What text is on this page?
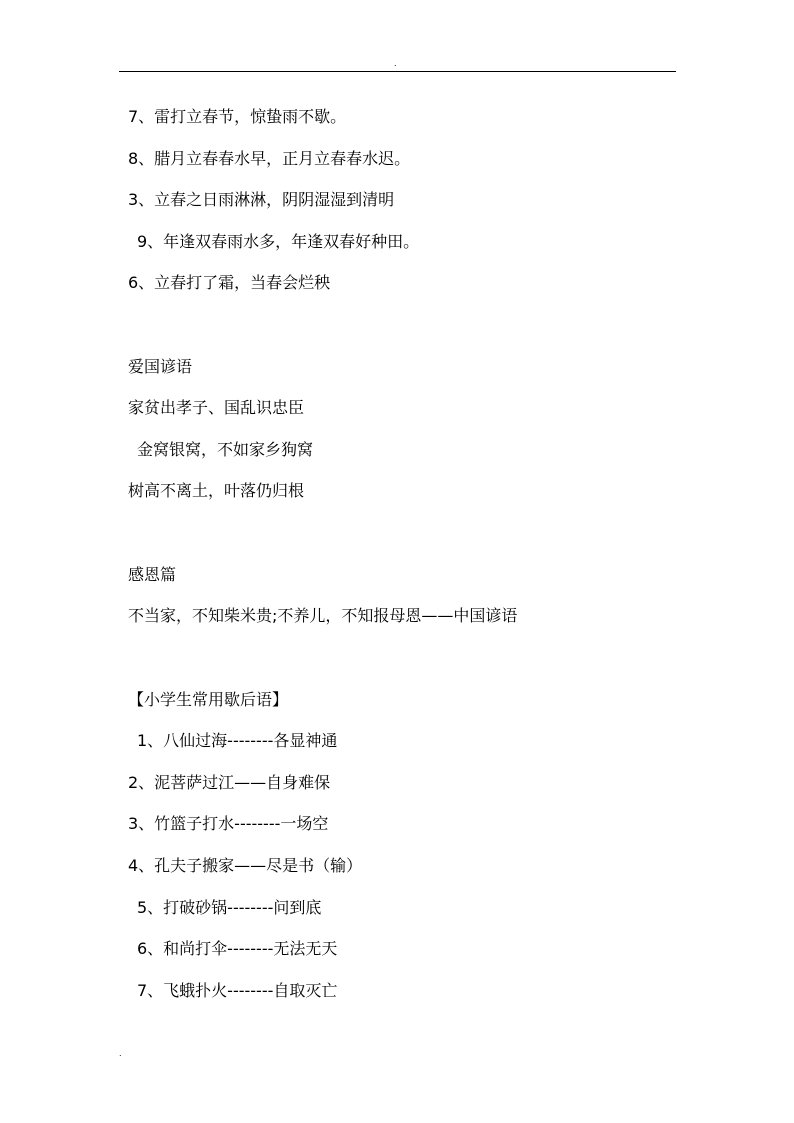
.
7、雷打立春节，惊蛰雨不歇。
8、腊月立春春水早，正月立春春水迟。
3、立春之日雨淋淋，阴阴湿湿到清明
9、年逢双春雨水多，年逢双春好种田。
6、立春打了霜，当春会烂秧
爱国谚语
家贫出孝子、国乱识忠臣
金窝银窝，不如家乡狗窝
树高不离土，叶落仍归根
感恩篇
不当家，不知柴米贵;不养儿，不知报母恩——中国谚语
【小学生常用歇后语】
1、八仙过海--------各显神通
2、泥菩萨过江——自身难保
3、竹篮子打水--------一场空
4、孔夫子搬家——尽是书（输）
5、打破砂锅--------问到底
6、和尚打伞--------无法无天
7、飞蛾扑火--------自取灭亡
.
